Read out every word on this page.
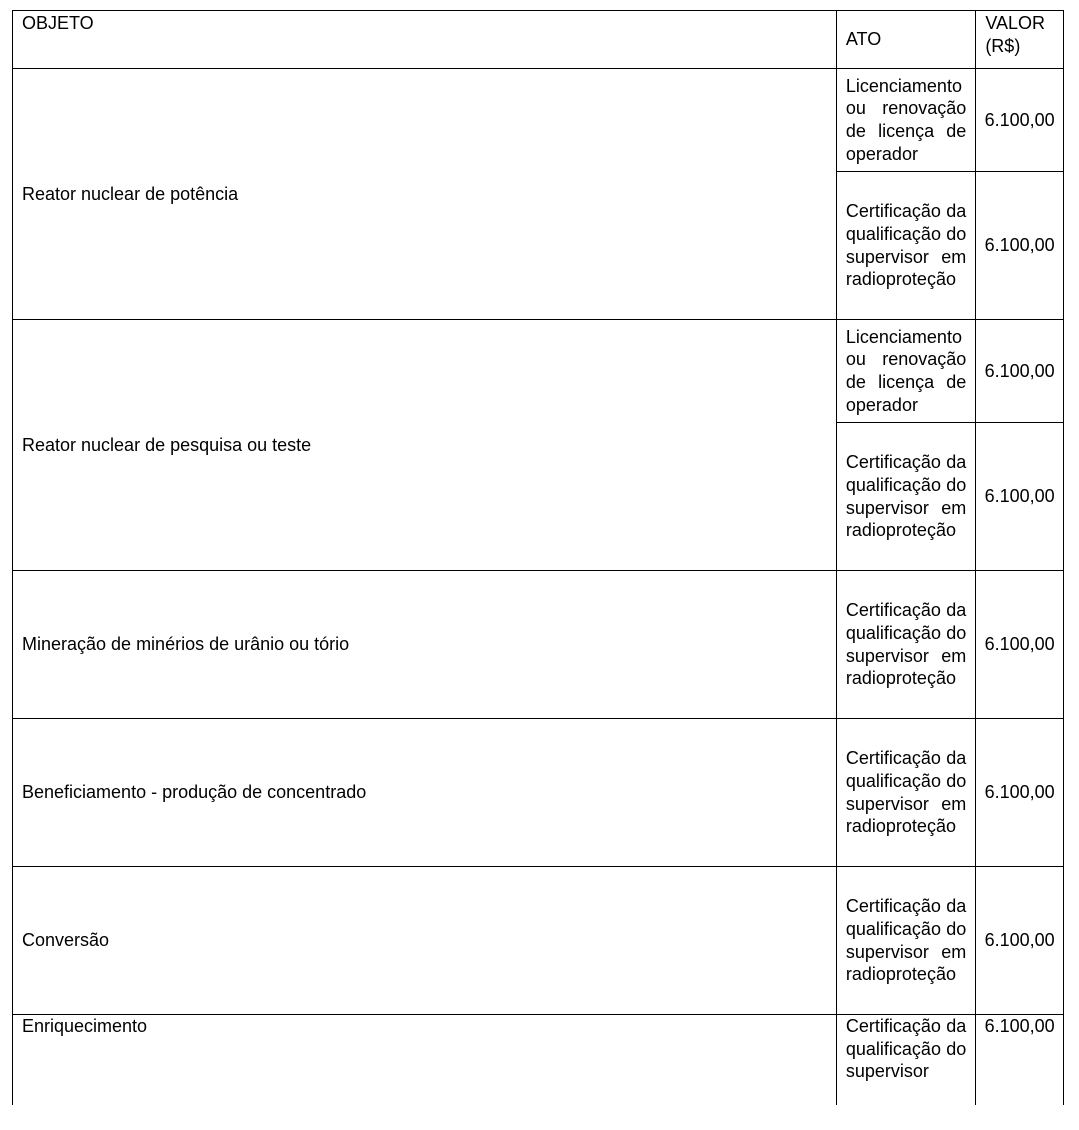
OBJETO	ATO	VALOR (R$)
Reator nuclear de potência	Licenciamento ou renovação de licença de operador	6.100,00
	Certificação da qualificação do supervisor em radioproteção	6.100,00
Reator nuclear de pesquisa ou teste	Licenciamento ou renovação de licença de operador	6.100,00
	Certificação da qualificação do supervisor em radioproteção	6.100,00
Mineração de minérios de urânio ou tório	Certificação da qualificação do supervisor em radioproteção	6.100,00
Beneficiamento - produção de concentrado	Certificação da qualificação do supervisor em radioproteção	6.100,00
Conversão	Certificação da qualificação do supervisor em radioproteção	6.100,00
Enriquecimento	Certificação da qualificação do supervisor	6.100,00
